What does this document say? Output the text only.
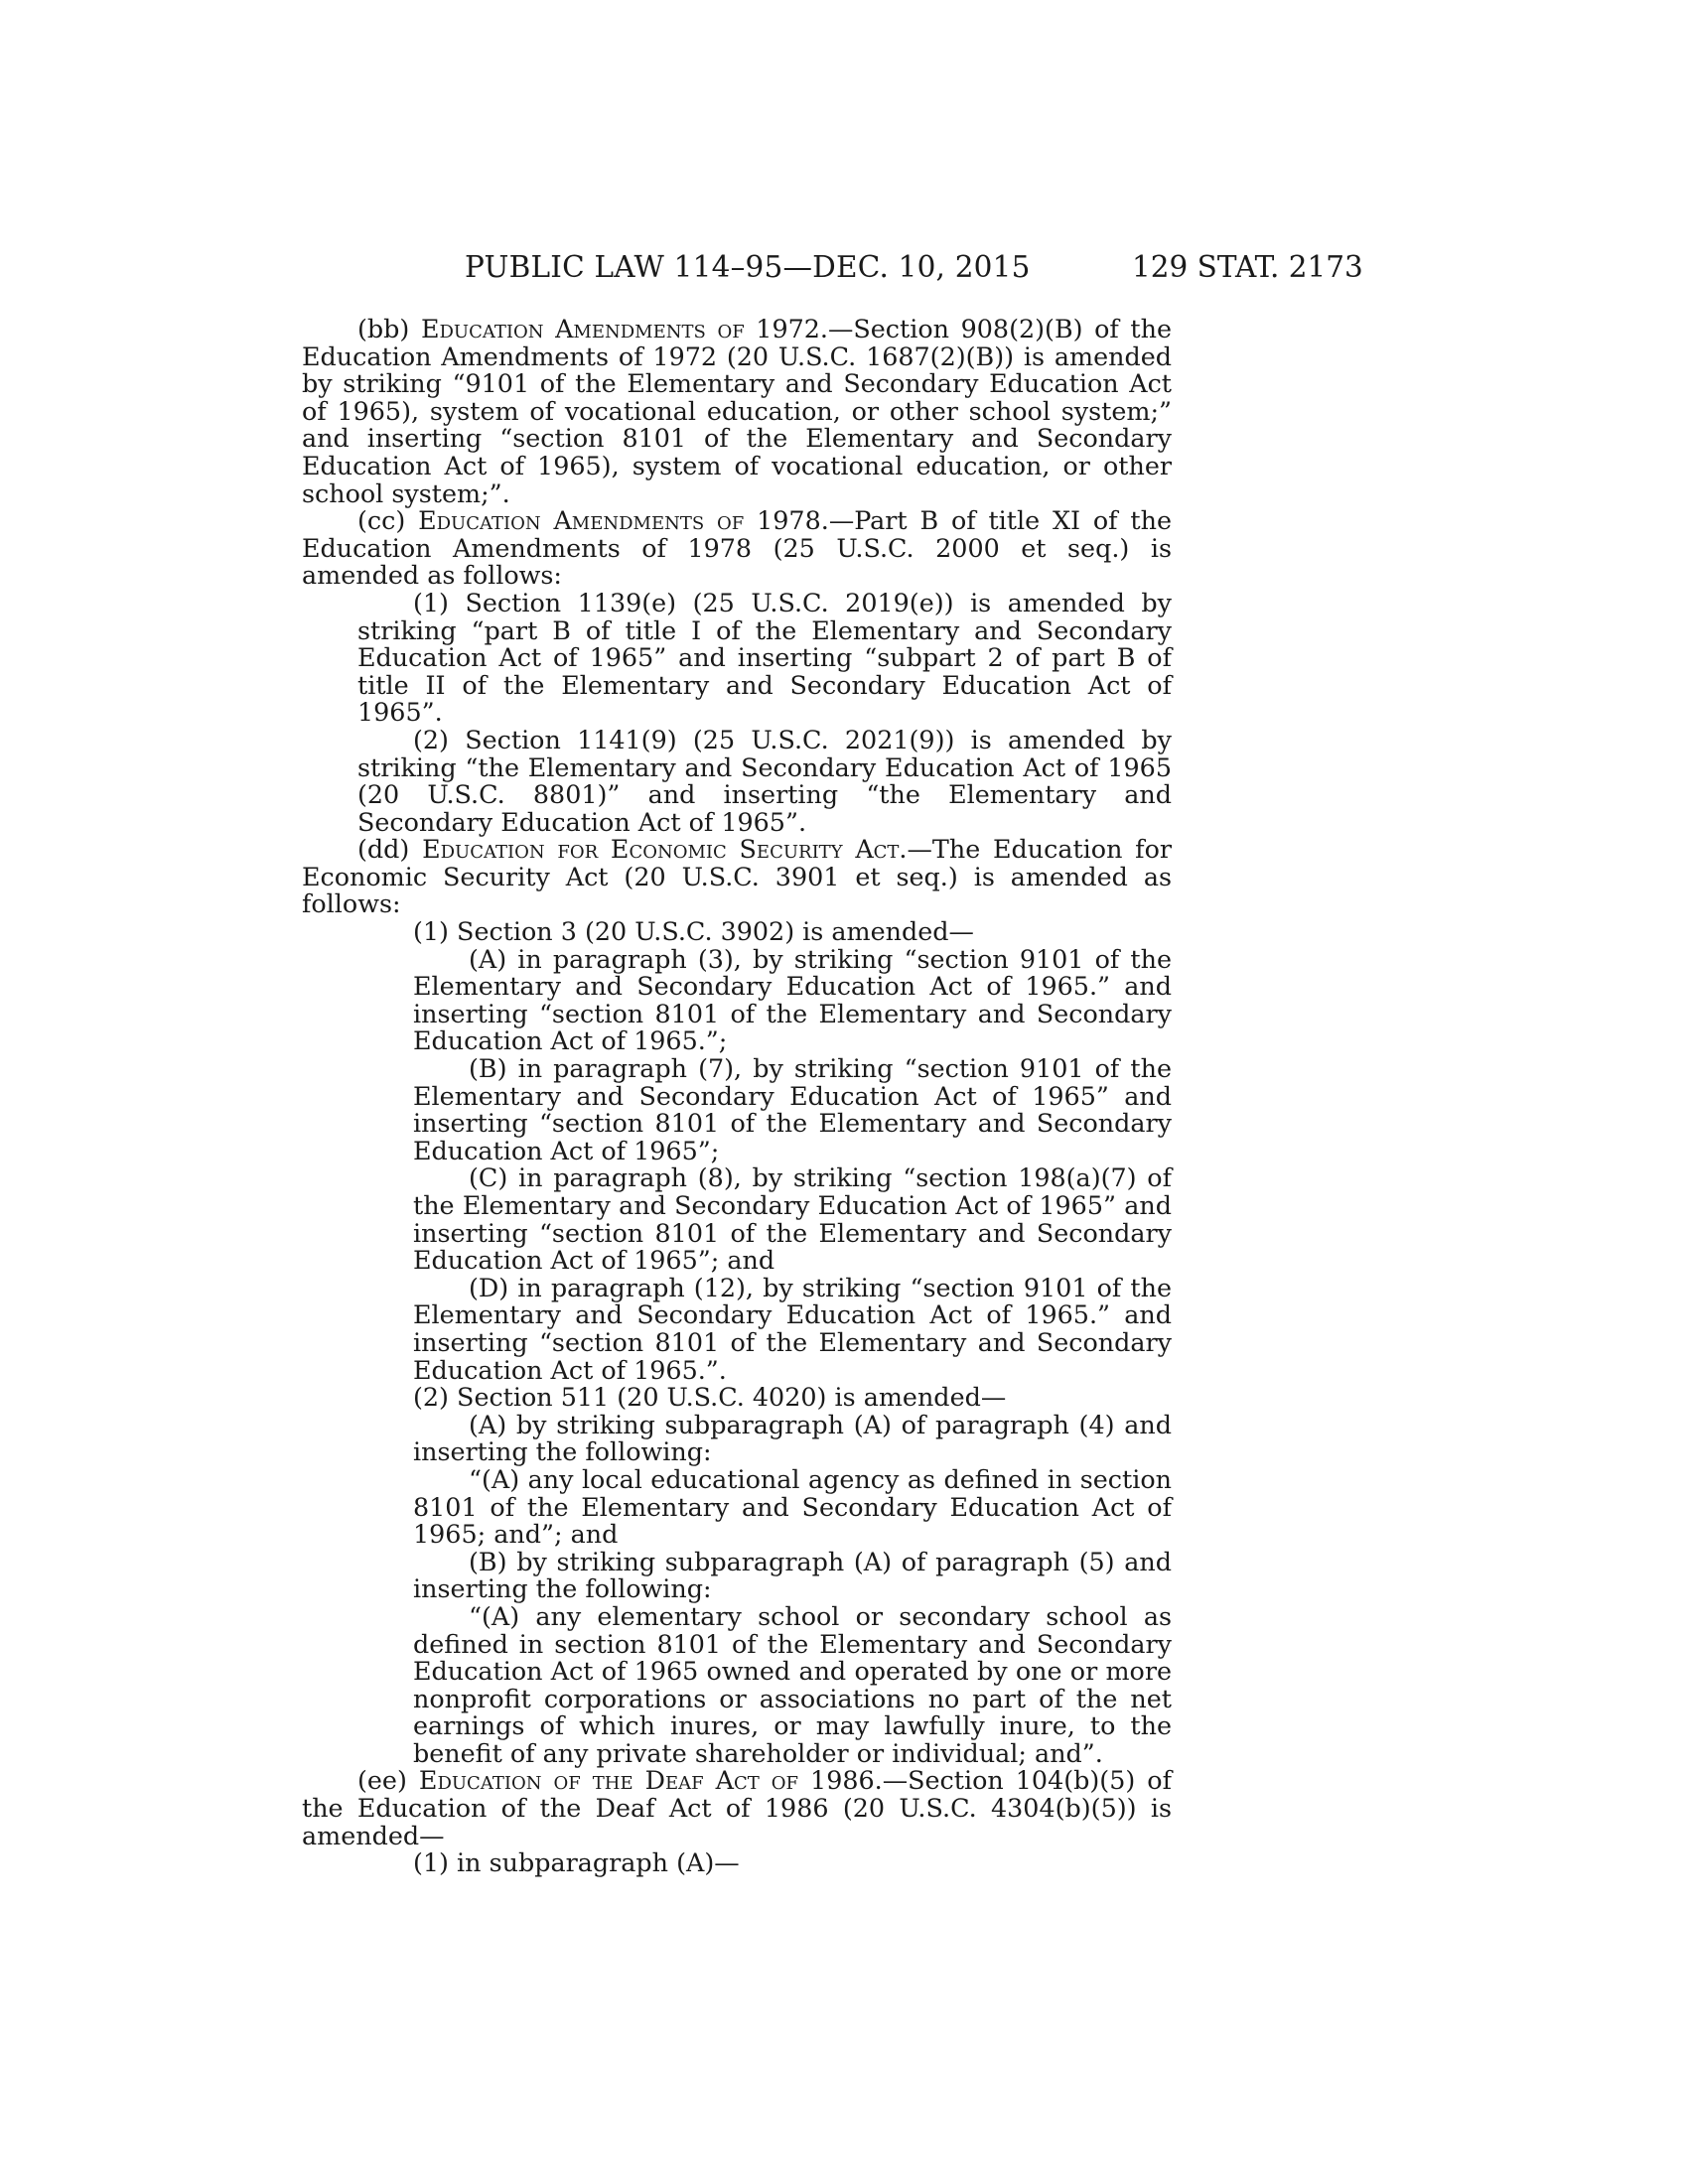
PUBLIC LAW 114–95—DEC. 10, 2015	129 STAT. 2173

(bb) Education Amendments of 1972.—Section 908(2)(B) of the Education Amendments of 1972 (20 U.S.C. 1687(2)(B)) is amended by striking “9101 of the Elementary and Secondary Education Act of 1965), system of vocational education, or other school system;” and inserting “section 8101 of the Elementary and Secondary Education Act of 1965), system of vocational education, or other school system;”.

(cc) Education Amendments of 1978.—Part B of title XI of the Education Amendments of 1978 (25 U.S.C. 2000 et seq.) is amended as follows:

(1) Section 1139(e) (25 U.S.C. 2019(e)) is amended by striking “part B of title I of the Elementary and Secondary Education Act of 1965” and inserting “subpart 2 of part B of title II of the Elementary and Secondary Education Act of 1965”.

(2) Section 1141(9) (25 U.S.C. 2021(9)) is amended by striking “the Elementary and Secondary Education Act of 1965 (20 U.S.C. 8801)” and inserting “the Elementary and Secondary Education Act of 1965”.

(dd) Education for Economic Security Act.—The Education for Economic Security Act (20 U.S.C. 3901 et seq.) is amended as follows:

(1) Section 3 (20 U.S.C. 3902) is amended—

(A) in paragraph (3), by striking “section 9101 of the Elementary and Secondary Education Act of 1965.” and inserting “section 8101 of the Elementary and Secondary Education Act of 1965.”;

(B) in paragraph (7), by striking “section 9101 of the Elementary and Secondary Education Act of 1965” and inserting “section 8101 of the Elementary and Secondary Education Act of 1965”;

(C) in paragraph (8), by striking “section 198(a)(7) of the Elementary and Secondary Education Act of 1965” and inserting “section 8101 of the Elementary and Secondary Education Act of 1965”; and

(D) in paragraph (12), by striking “section 9101 of the Elementary and Secondary Education Act of 1965.” and inserting “section 8101 of the Elementary and Secondary Education Act of 1965.”.

(2) Section 511 (20 U.S.C. 4020) is amended—

(A) by striking subparagraph (A) of paragraph (4) and inserting the following:

“(A) any local educational agency as defined in section 8101 of the Elementary and Secondary Education Act of 1965; and”; and

(B) by striking subparagraph (A) of paragraph (5) and inserting the following:

“(A) any elementary school or secondary school as defined in section 8101 of the Elementary and Secondary Education Act of 1965 owned and operated by one or more nonprofit corporations or associations no part of the net earnings of which inures, or may lawfully inure, to the benefit of any private shareholder or individual; and”.

(ee) Education of the Deaf Act of 1986.—Section 104(b)(5) of the Education of the Deaf Act of 1986 (20 U.S.C. 4304(b)(5)) is amended—

(1) in subparagraph (A)—
